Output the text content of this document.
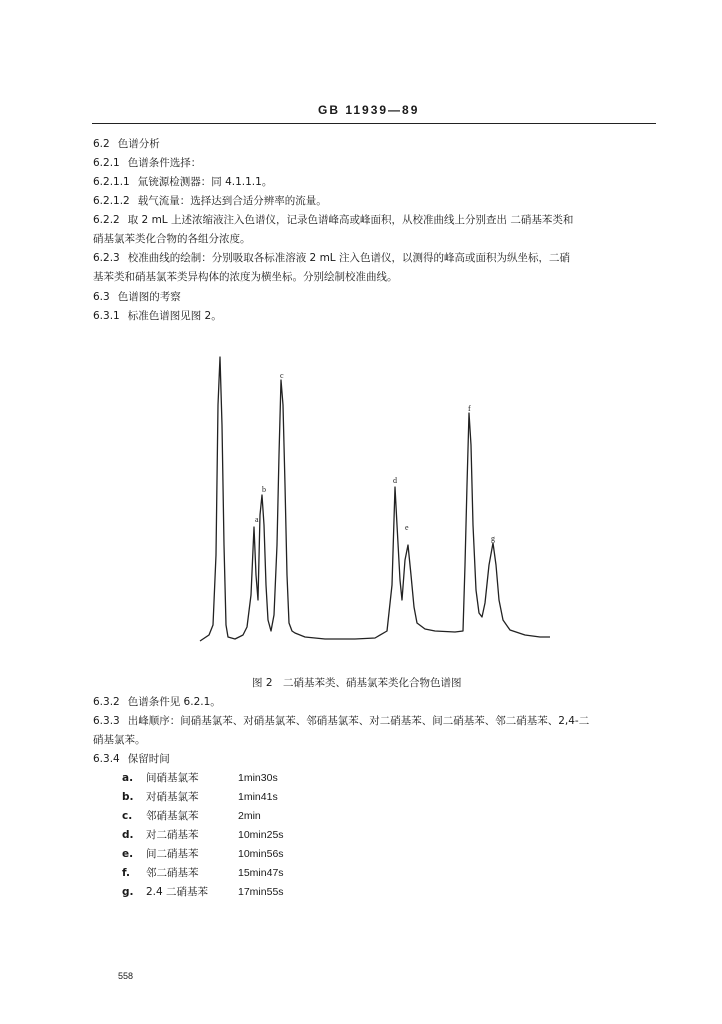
GB 11939—89
6.2 色谱分析
6.2.1 色谱条件选择：
6.2.1.1 氚铳源检测器：同 4.1.1.1。
6.2.1.2 载气流量：选择达到合适分辨率的流量。
6.2.2 取 2 mL 上述浓缩液注入色谱仪，记录色谱峰高或峰面积，从校准曲线上分别查出 二硝基苯类和
硝基氯苯类化合物的各组分浓度。
6.2.3 校准曲线的绘制：分别吸取各标准溶液 2 mL 注入色谱仪，以测得的峰高或面积为纵坐标，二硝
基苯类和硝基氯苯类异构体的浓度为横坐标。分别绘制校准曲线。
6.3 色谱图的考察
6.3.1 标准色谱图见图 2。
a
b
c
d
e
f
g
图 2　二硝基苯类、硝基氯苯类化合物色谱图
6.3.2 色谱条件见 6.2.1。
6.3.3 出峰顺序：间硝基氯苯、对硝基氯苯、邻硝基氯苯、对二硝基苯、间二硝基苯、邻二硝基苯、2,4-二
硝基氯苯。
6.3.4 保留时间
a. 间硝基氯苯	1min30s
b. 对硝基氯苯	1min41s
c. 邻硝基氯苯	2min
d. 对二硝基苯	10min25s
e. 间二硝基苯	10min56s
f. 邻二硝基苯	15min47s
g. 2.4 二硝基苯	17min55s
558
